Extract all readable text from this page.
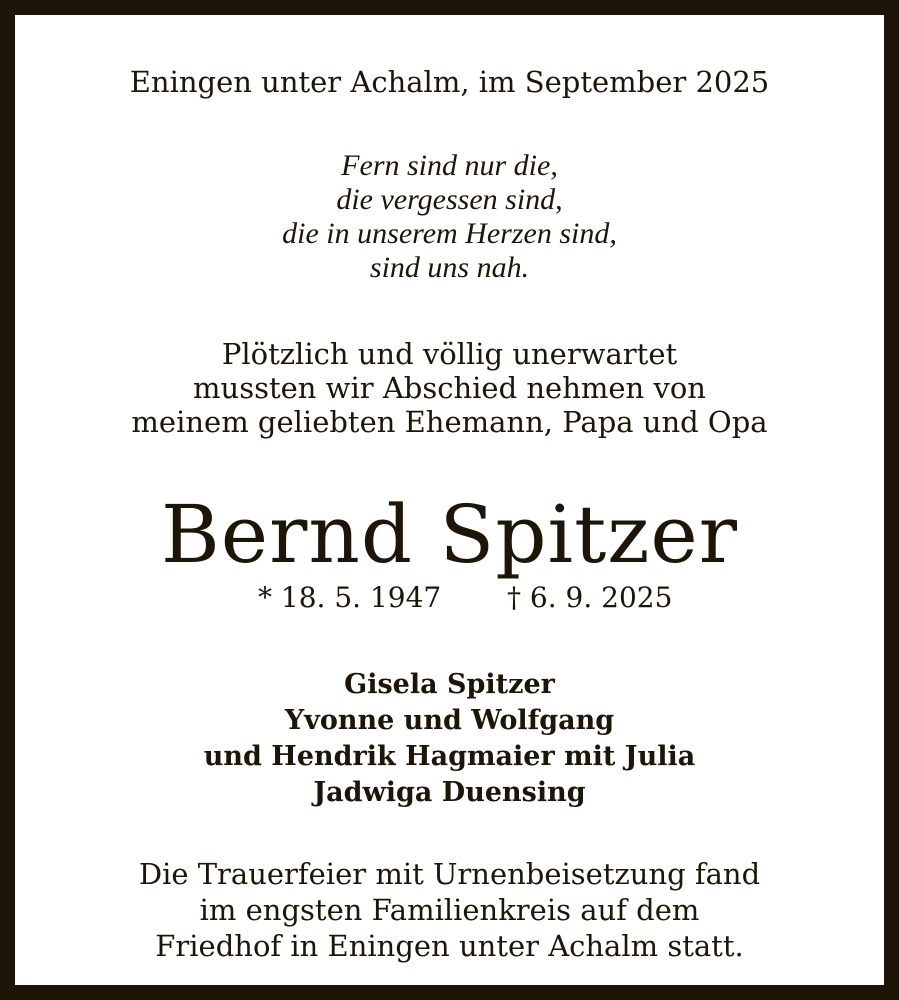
Eningen unter Achalm, im September 2025
Fern sind nur die,
die vergessen sind,
die in unserem Herzen sind,
sind uns nah.
Plötzlich und völlig unerwartet
mussten wir Abschied nehmen von
meinem geliebten Ehemann, Papa und Opa
Bernd Spitzer
* 18. 5. 1947 † 6. 9. 2025
Gisela Spitzer
Yvonne und Wolfgang
und Hendrik Hagmaier mit Julia
Jadwiga Duensing
Die Trauerfeier mit Urnenbeisetzung fand
im engsten Familienkreis auf dem
Friedhof in Eningen unter Achalm statt.
